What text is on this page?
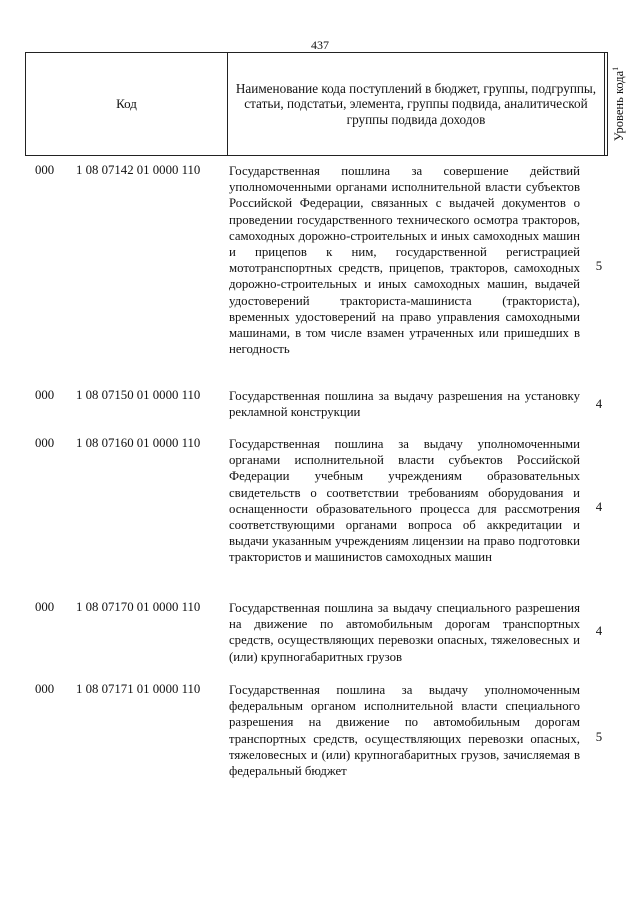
437
Код
Наименование кода поступлений в бюджет, группы, подгруппы, статьи, подстатьи, элемента, группы подвида, аналитической группы подвида доходов	Уровень кода$^1$
000 1 08 07142 01 0000 110 Государственная пошлина за совершение действий уполномоченными органами исполнительной власти субъектов Российской Федерации, связанных с выдачей документов о проведении государственного технического осмотра тракторов, самоходных дорожно-строительных и иных самоходных машин и прицепов к ним, государственной регистрацией мототранспортных средств, прицепов, тракторов, самоходных дорожно-строительных и иных самоходных машин, выдачей удостоверений тракториста-машиниста (тракториста), временных удостоверений на право управления самоходными машинами, в том числе взамен утраченных или пришедших в негодность
5
000 1 08 07150 01 0000 110 Государственная пошлина за выдачу разрешения на установку рекламной конструкции
4
000 1 08 07160 01 0000 110 Государственная пошлина за выдачу уполномоченными органами исполнительной власти субъектов Российской Федерации учебным учреждениям образовательных свидетельств о соответствии требованиям оборудования и оснащенности образовательного процесса для рассмотрения соответствующими органами вопроса об аккредитации и выдачи указанным учреждениям лицензии на право подготовки трактористов и машинистов самоходных машин
4
000 1 08 07170 01 0000 110 Государственная пошлина за выдачу специального разрешения на движение по автомобильным дорогам транспортных средств, осуществляющих перевозки опасных, тяжеловесных и (или) крупногабаритных грузов
4
000 1 08 07171 01 0000 110 Государственная пошлина за выдачу уполномоченным федеральным органом исполнительной власти специального разрешения на движение по автомобильным дорогам транспортных средств, осуществляющих перевозки опасных, тяжеловесных и (или) крупногабаритных грузов, зачисляемая в федеральный бюджет
5
